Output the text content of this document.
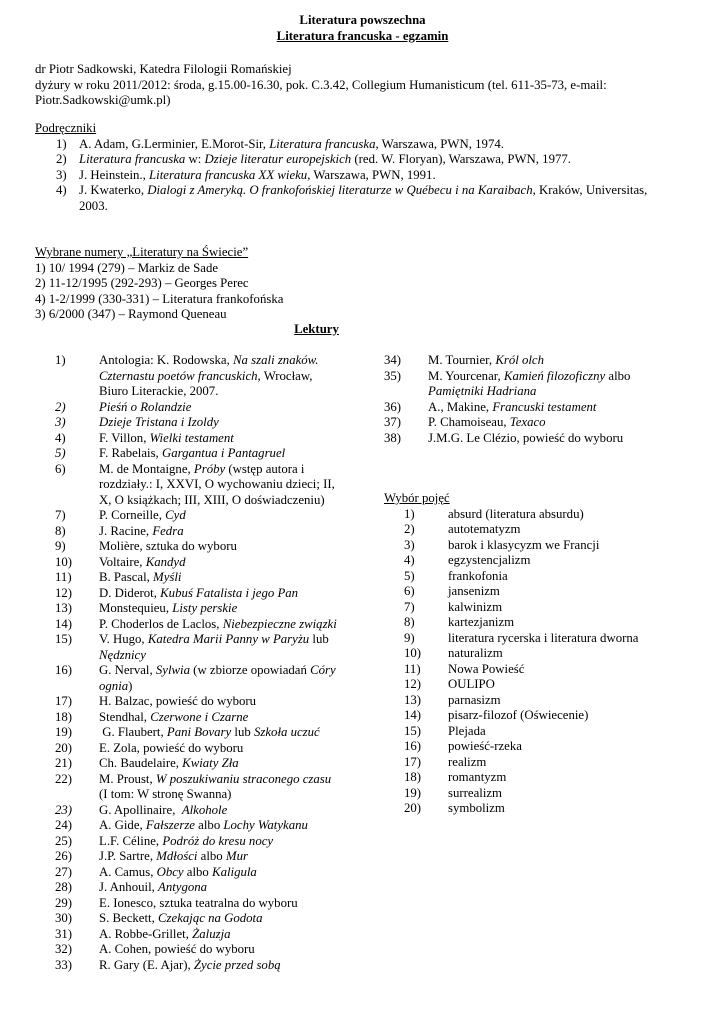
Literatura powszechna
Literatura francuska - egzamin
dr Piotr Sadkowski, Katedra Filologii Romańskiej
dyżury w roku 2011/2012: środa, g.15.00-16.30, pok. C.3.42, Collegium Humanisticum (tel. 611-35-73, e-mail:
Piotr.Sadkowski@umk.pl)
Podręczniki
1) A. Adam, G.Lerminier, E.Morot-Sir, Literatura francuska, Warszawa, PWN, 1974.
2) Literatura francuska w: Dzieje literatur europejskich (red. W. Floryan), Warszawa, PWN, 1977.
3) J. Heinstein., Literatura francuska XX wieku, Warszawa, PWN, 1991.
4) J. Kwaterko, Dialogi z Ameryką. O frankofońskiej literaturze w Québecu i na Karaibach, Kraków, Universitas,
2003.
Wybrane numery „Literatury na Świecie”
1) 10/ 1994 (279) – Markiz de Sade
2) 11-12/1995 (292-293) – Georges Perec
4) 1-2/1999 (330-331) – Literatura frankofońska
3) 6/2000 (347) – Raymond Queneau
Lektury
1)	Antologia: K. Rodowska, Na szali znaków. Czternastu poetów francuskich, Wrocław, Biuro Literackie, 2007.
2)	Pieśń o Rolandzie
3)	Dzieje Tristana i Izoldy
4)	F. Villon, Wielki testament
5)	F. Rabelais, Gargantua i Pantagruel
6)	M. de Montaigne, Próby (wstęp autora i rozdziały.: I, XXVI, O wychowaniu dzieci; II, X, O książkach; III, XIII, O doświadczeniu)
7)	P. Corneille, Cyd
8)	J. Racine, Fedra
9)	Molière, sztuka do wyboru
10)	Voltaire, Kandyd
11)	B. Pascal, Myśli
12)	D. Diderot, Kubuś Fatalista i jego Pan
13)	Monstequieu, Listy perskie
14)	P. Choderlos de Laclos, Niebezpieczne związki
15)	V. Hugo, Katedra Marii Panny w Paryżu lub Nędznicy
16)	G. Nerval, Sylwia (w zbiorze opowiadań Córy ognia)
17)	H. Balzac, powieść do wyboru
18)	Stendhal, Czerwone i Czarne
19)	G. Flaubert, Pani Bovary lub Szkoła uczuć
20)	E. Zola, powieść do wyboru
21)	Ch. Baudelaire, Kwiaty Zła
22)	M. Proust, W poszukiwaniu straconego czasu (I tom: W stronę Swanna)
23)	G. Apollinaire,  Alkohole
24)	A. Gide, Fałszerze albo Lochy Watykanu
25)	L.F. Céline, Podróż do kresu nocy
26)	J.P. Sartre, Mdłości albo Mur
27)	A. Camus, Obcy albo Kaligula
28)	J. Anhouil, Antygona
29)	E. Ionesco, sztuka teatralna do wyboru
30)	S. Beckett, Czekając na Godota
31)	A. Robbe-Grillet, Żaluzja
32)	A. Cohen, powieść do wyboru
33)	R. Gary (E. Ajar), Życie przed sobą
34)	M. Tournier, Król olch
35)	M. Yourcenar, Kamień filozoficzny albo Pamiętniki Hadriana
36)	A., Makine, Francuski testament
37)	P. Chamoiseau, Texaco
38)	J.M.G. Le Clézio, powieść do wyboru
Wybór pojęć
1)	absurd (literatura absurdu)
2)	autotematyzm
3)	barok i klasycyzm we Francji
4)	egzystencjalizm
5)	frankofonia
6)	jansenizm
7)	kalwinizm
8)	kartezjanizm
9)	literatura rycerska i literatura dworna
10) naturalizm
11) Nowa Powieść
12) OULIPO
13) parnasizm
14) pisarz-filozof (Oświecenie)
15) Plejada
16) powieść-rzeka
17) realizm
18) romantyzm
19) surrealizm
20) symbolizm
